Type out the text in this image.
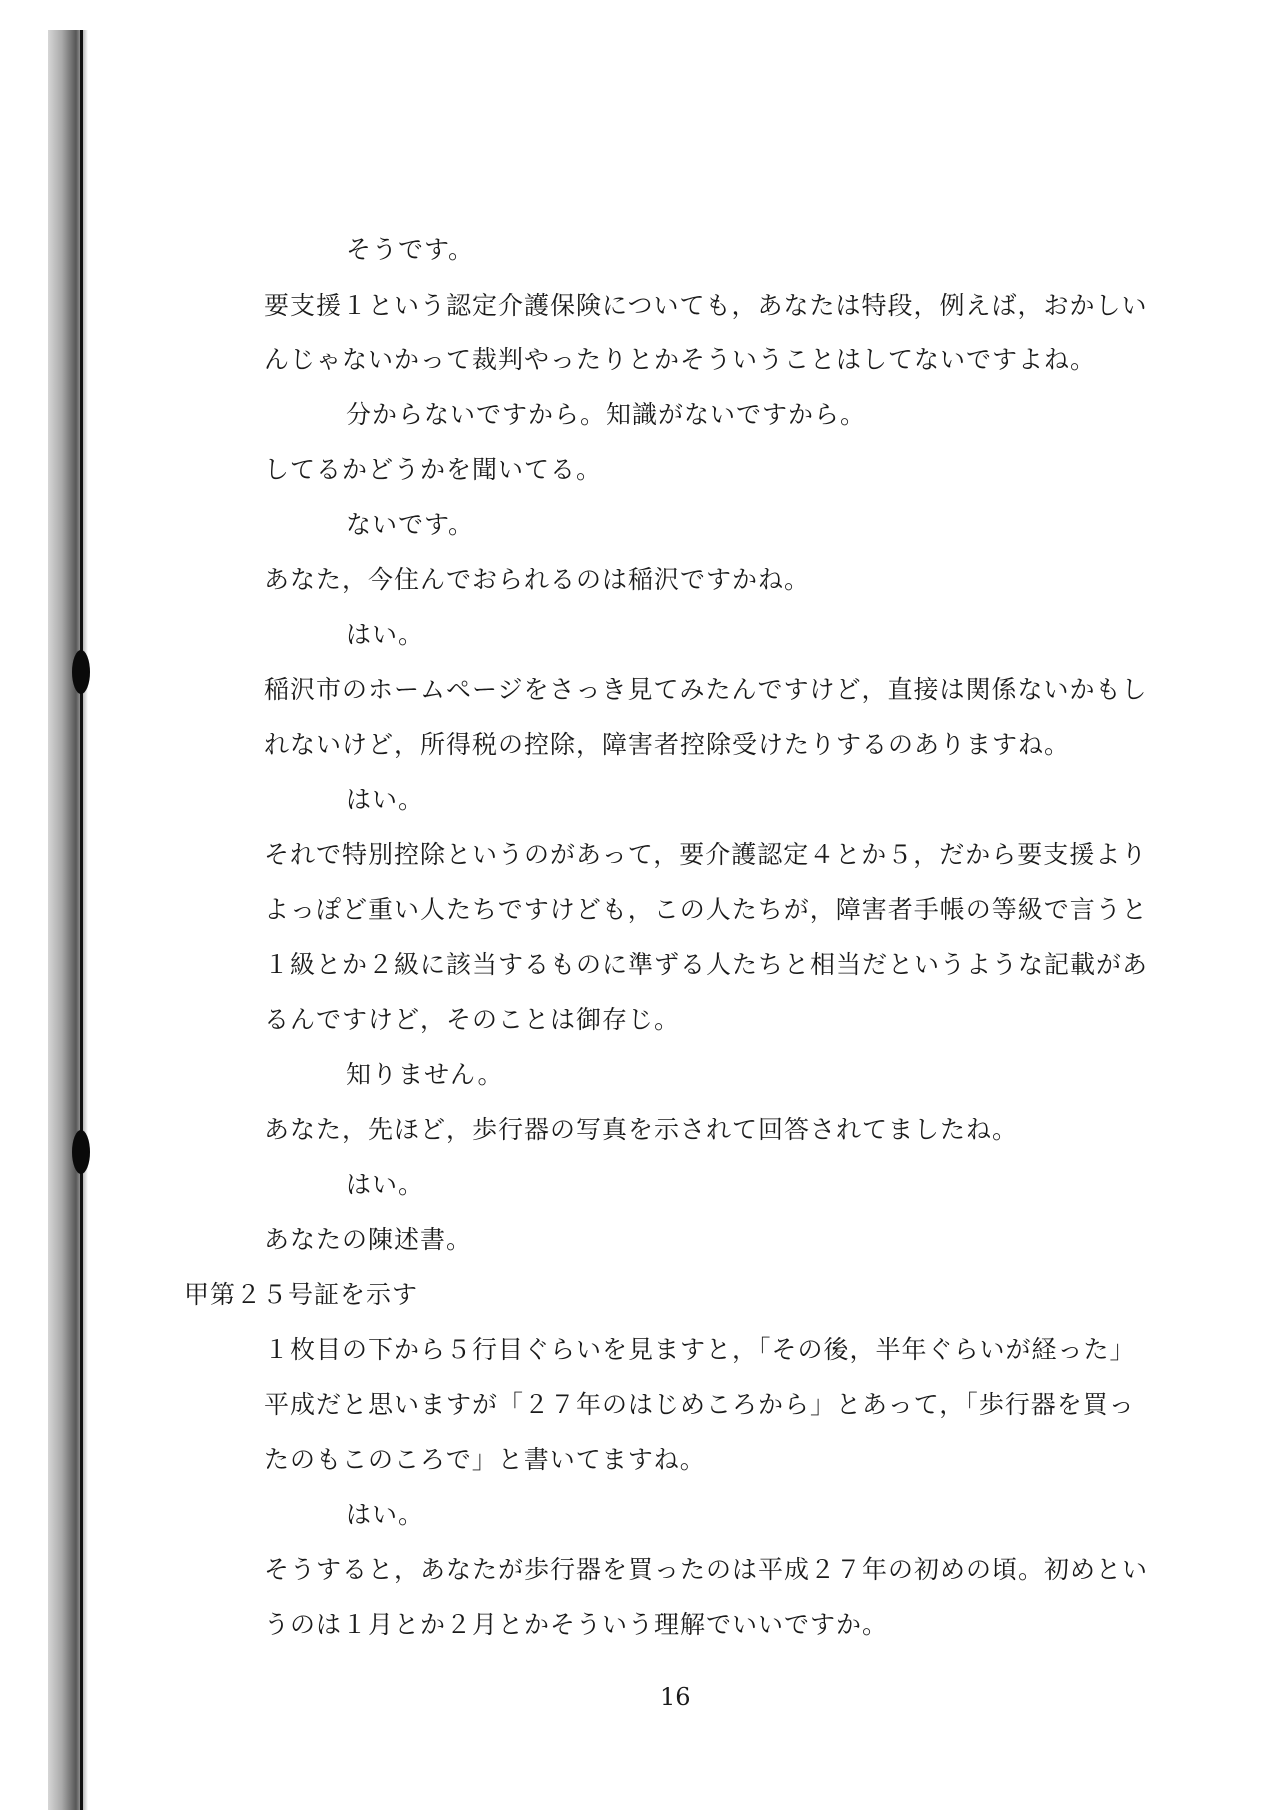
そうです。
要支援１という認定介護保険についても，あなたは特段，例えば，おかしい
んじゃないかって裁判やったりとかそういうことはしてないですよね。
分からないですから。知識がないですから。
してるかどうかを聞いてる。
ないです。
あなた，今住んでおられるのは稲沢ですかね。
はい。
稲沢市のホームページをさっき見てみたんですけど，直接は関係ないかもし
れないけど，所得税の控除，障害者控除受けたりするのありますね。
はい。
それで特別控除というのがあって，要介護認定４とか５，だから要支援より
よっぽど重い人たちですけども，この人たちが，障害者手帳の等級で言うと
１級とか２級に該当するものに準ずる人たちと相当だというような記載があ
るんですけど，そのことは御存じ。
知りません。
あなた，先ほど，歩行器の写真を示されて回答されてましたね。
はい。
あなたの陳述書。
甲第２５号証を示す
１枚目の下から５行目ぐらいを見ますと，「その後，半年ぐらいが経った」
平成だと思いますが「２７年のはじめころから」とあって，「歩行器を買っ
たのもこのころで」と書いてますね。
はい。
そうすると，あなたが歩行器を買ったのは平成２７年の初めの頃。初めとい
うのは１月とか２月とかそういう理解でいいですか。
16
